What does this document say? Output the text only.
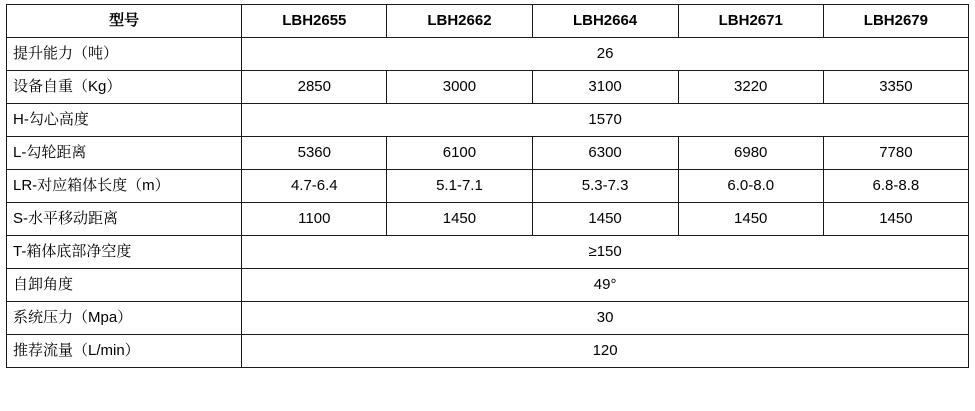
型号	LBH2655	LBH2662	LBH2664	LBH2671	LBH2679
提升能力（吨）	26				
设备自重（Kg）	2850	3000	3100	3220	3350
H-勾心高度	1570				
L-勾轮距离	5360	6100	6300	6980	7780
LR-对应箱体长度（m）	4.7-6.4	5.1-7.1	5.3-7.3	6.0-8.0	6.8-8.8
S-水平移动距离	1100	1450	1450	1450	1450
T-箱体底部净空度	≥150				
自卸角度	49°				
系统压力（Mpa）	30				
推荐流量（L/min）	120				
